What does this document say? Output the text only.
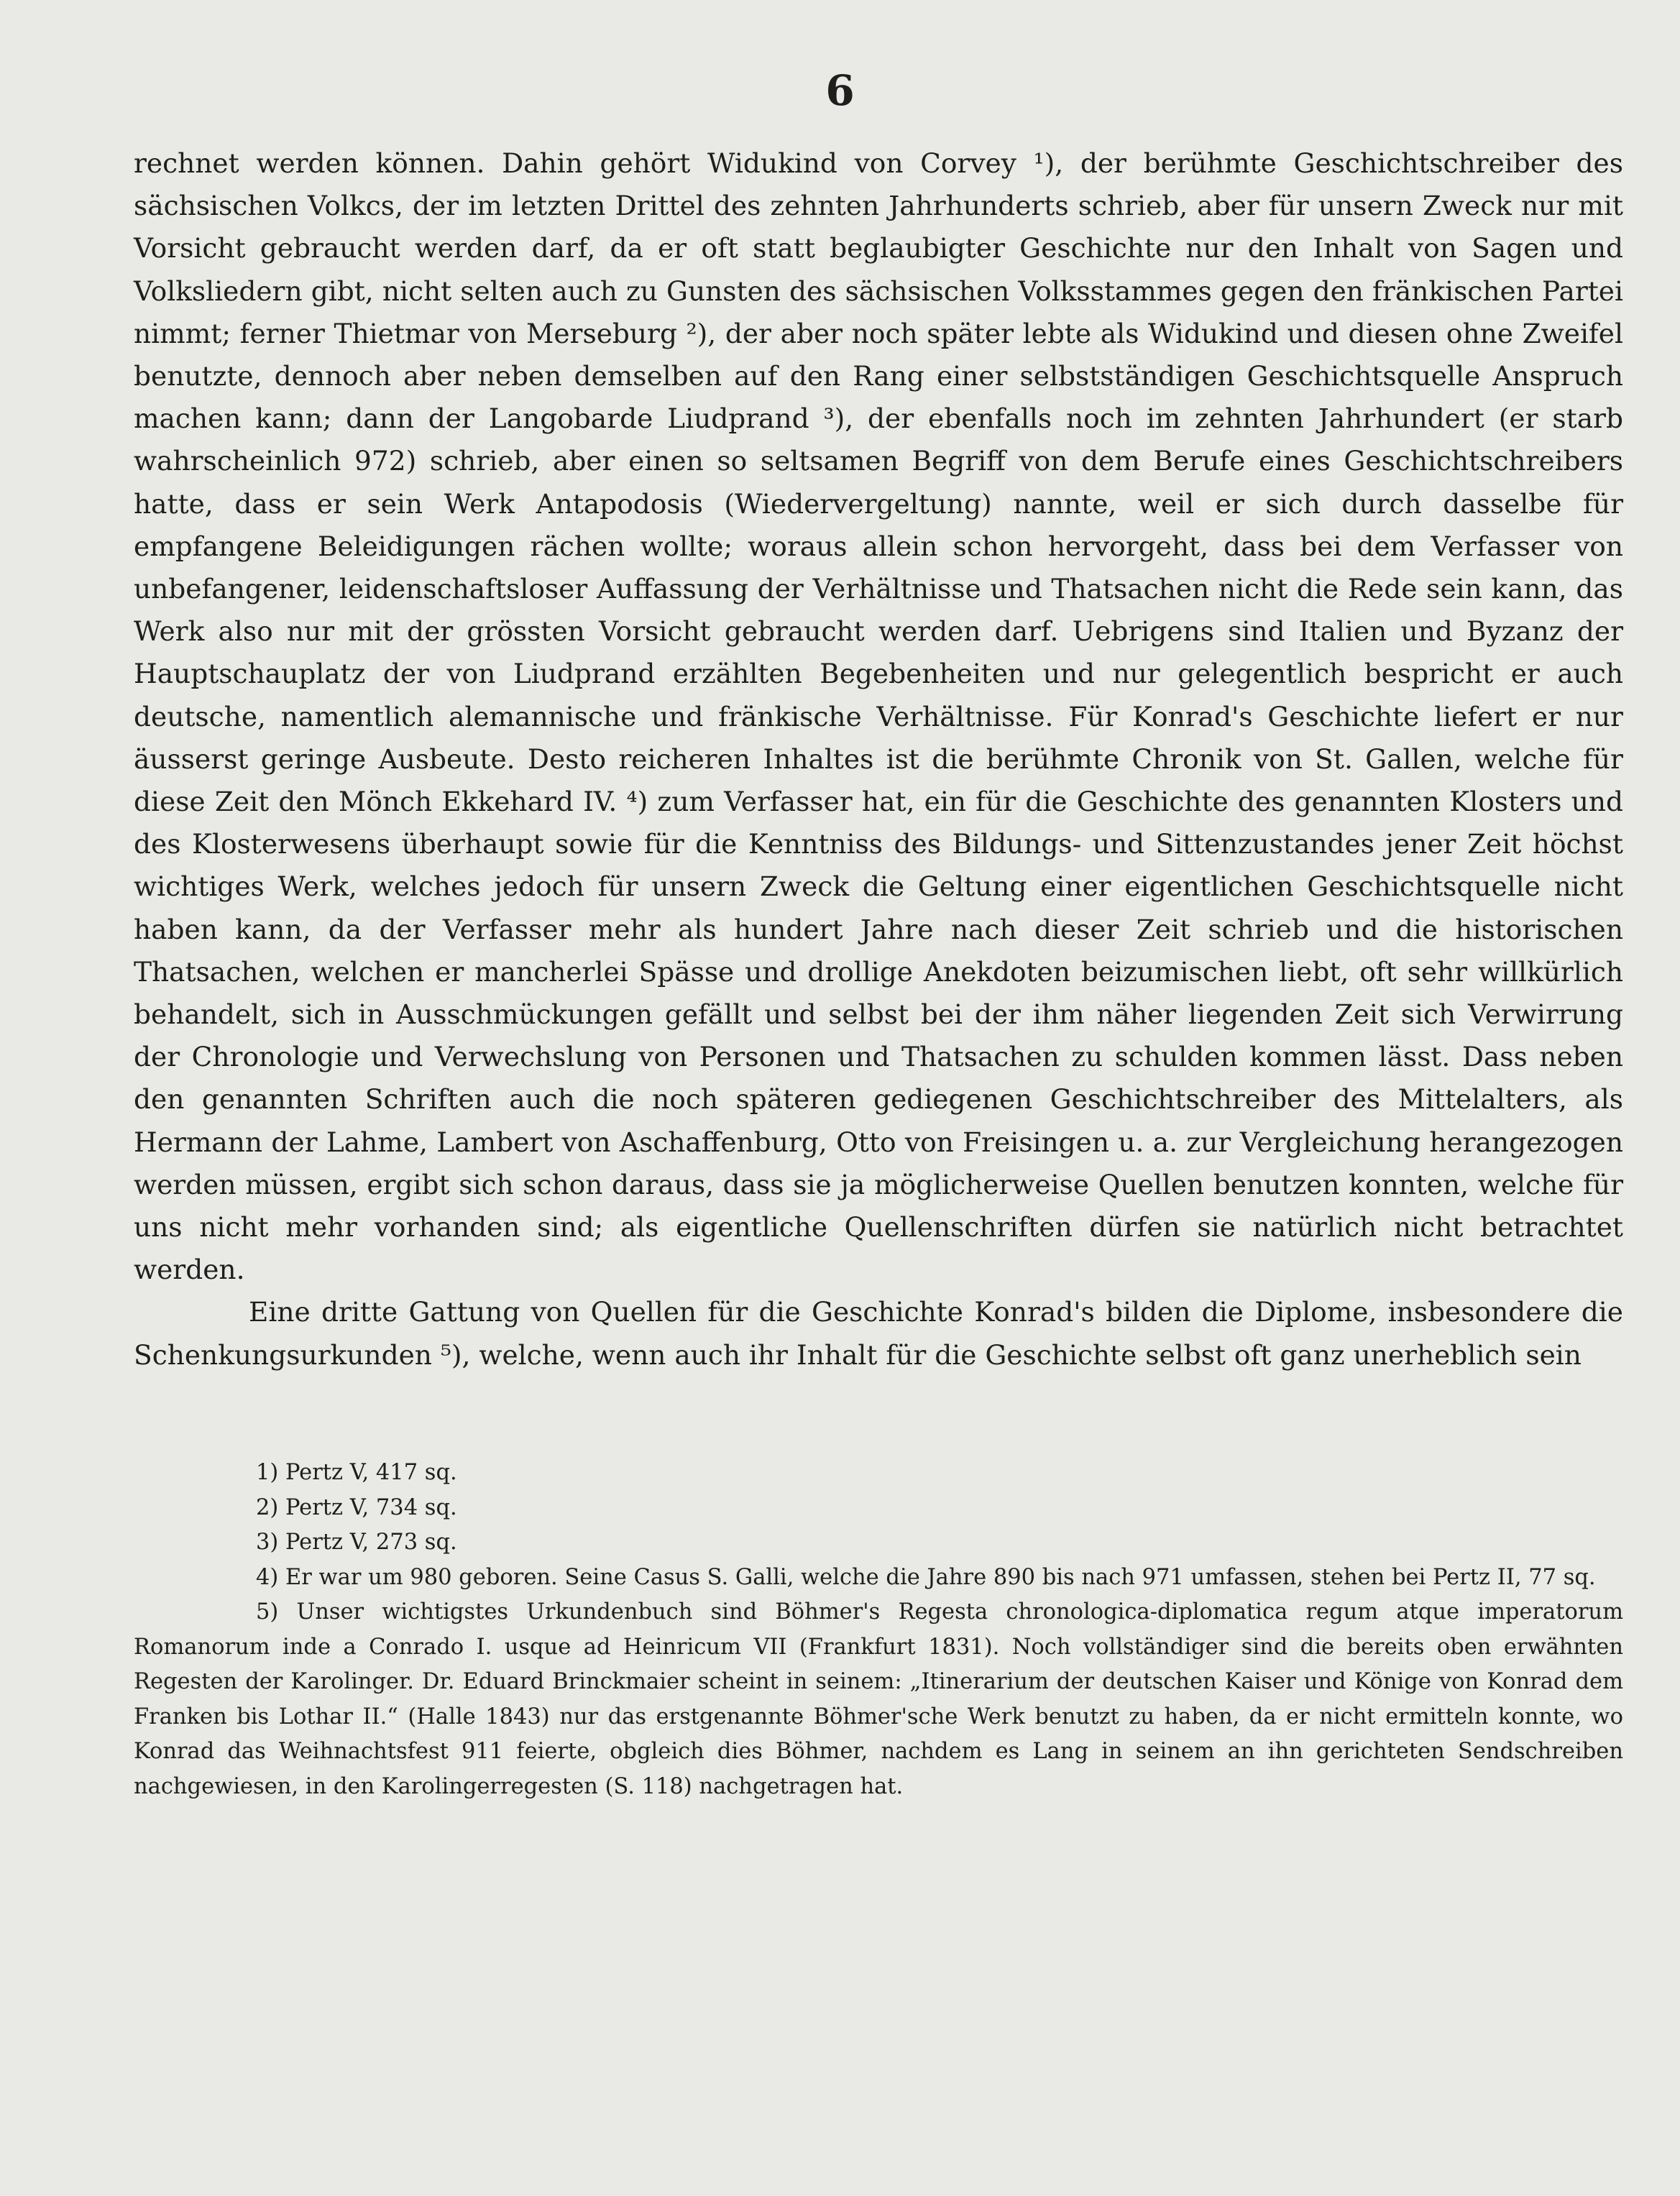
6

rechnet werden können. Dahin gehört Widukind von Corvey ¹), der berühmte Geschichtschreiber des sächsischen Volkcs, der im letzten Drittel des zehnten Jahrhunderts schrieb, aber für unsern Zweck nur mit Vorsicht gebraucht werden darf, da er oft statt beglaubigter Geschichte nur den Inhalt von Sagen und Volksliedern gibt, nicht selten auch zu Gunsten des sächsischen Volksstammes gegen den fränkischen Partei nimmt; ferner Thietmar von Merseburg ²), der aber noch später lebte als Widukind und diesen ohne Zweifel benutzte, dennoch aber neben demselben auf den Rang einer selbstständigen Geschichtsquelle Anspruch machen kann; dann der Langobarde Liudprand ³), der ebenfalls noch im zehnten Jahrhundert (er starb wahrscheinlich 972) schrieb, aber einen so seltsamen Begriff von dem Berufe eines Geschichtschreibers hatte, dass er sein Werk Antapodosis (Wiedervergeltung) nannte, weil er sich durch dasselbe für empfangene Beleidigungen rächen wollte; woraus allein schon hervorgeht, dass bei dem Verfasser von unbefangener, leidenschaftsloser Auffassung der Verhältnisse und Thatsachen nicht die Rede sein kann, das Werk also nur mit der grössten Vorsicht gebraucht werden darf. Uebrigens sind Italien und Byzanz der Hauptschauplatz der von Liudprand erzählten Begebenheiten und nur gelegentlich bespricht er auch deutsche, namentlich alemannische und fränkische Verhältnisse. Für Konrad's Geschichte liefert er nur äusserst geringe Ausbeute. Desto reicheren Inhaltes ist die berühmte Chronik von St. Gallen, welche für diese Zeit den Mönch Ekkehard IV. ⁴) zum Verfasser hat, ein für die Geschichte des genannten Klosters und des Klosterwesens überhaupt sowie für die Kenntniss des Bildungs- und Sittenzustandes jener Zeit höchst wichtiges Werk, welches jedoch für unsern Zweck die Geltung einer eigentlichen Geschichtsquelle nicht haben kann, da der Verfasser mehr als hundert Jahre nach dieser Zeit schrieb und die historischen Thatsachen, welchen er mancherlei Spässe und drollige Anekdoten beizumischen liebt, oft sehr willkürlich behandelt, sich in Ausschmückungen gefällt und selbst bei der ihm näher liegenden Zeit sich Verwirrung der Chronologie und Verwechslung von Personen und Thatsachen zu schulden kommen lässt. Dass neben den genannten Schriften auch die noch späteren gediegenen Geschichtschreiber des Mittelalters, als Hermann der Lahme, Lambert von Aschaffenburg, Otto von Freisingen u. a. zur Vergleichung herangezogen werden müssen, ergibt sich schon daraus, dass sie ja möglicherweise Quellen benutzen konnten, welche für uns nicht mehr vorhanden sind; als eigentliche Quellenschriften dürfen sie natürlich nicht betrachtet werden.

Eine dritte Gattung von Quellen für die Geschichte Konrad's bilden die Diplome, insbesondere die Schenkungsurkunden ⁵), welche, wenn auch ihr Inhalt für die Geschichte selbst oft ganz unerheblich sein

1) Pertz V, 417 sq.
2) Pertz V, 734 sq.
3) Pertz V, 273 sq.
4) Er war um 980 geboren. Seine Casus S. Galli, welche die Jahre 890 bis nach 971 umfassen, stehen bei Pertz II, 77 sq.
5) Unser wichtigstes Urkundenbuch sind Böhmer's Regesta chronologica-diplomatica regum atque imperatorum Romanorum inde a Conrado I. usque ad Heinricum VII (Frankfurt 1831). Noch vollständiger sind die bereits oben erwähnten Regesten der Karolinger. Dr. Eduard Brinckmaier scheint in seinem: „Itinerarium der deutschen Kaiser und Könige von Konrad dem Franken bis Lothar II.“ (Halle 1843) nur das erstgenannte Böhmer'sche Werk benutzt zu haben, da er nicht ermitteln konnte, wo Konrad das Weihnachtsfest 911 feierte, obgleich dies Böhmer, nachdem es Lang in seinem an ihn gerichteten Sendschreiben nachgewiesen, in den Karolingerregesten (S. 118) nachgetragen hat.
